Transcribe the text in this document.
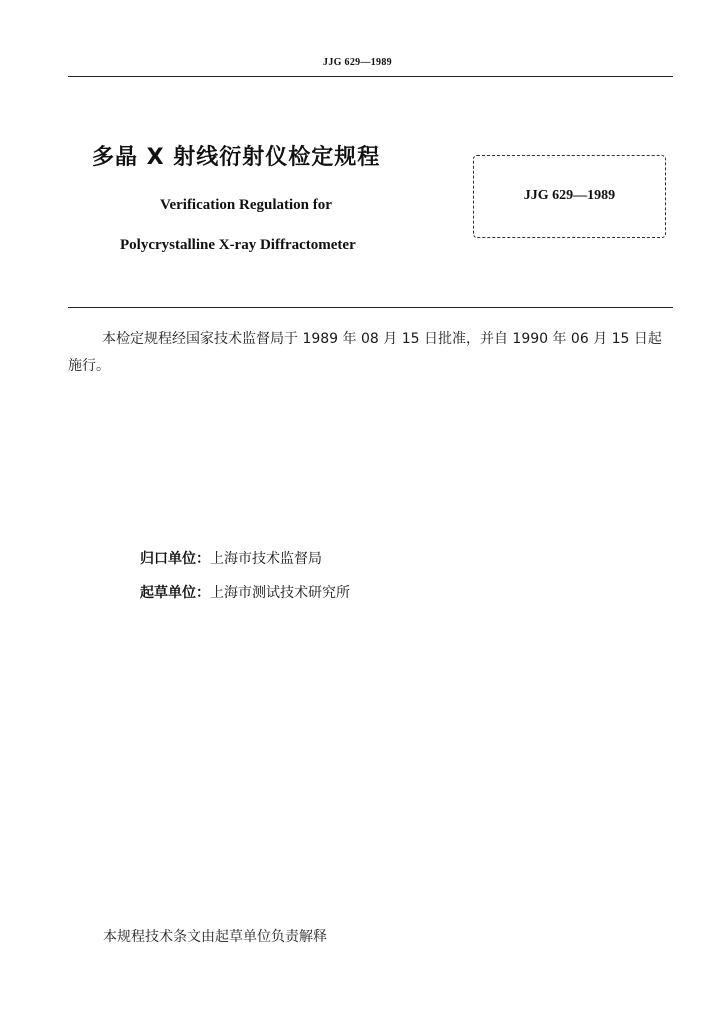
JJG 629—1989
多晶 X 射线衍射仪检定规程
Verification Regulation for
Polycrystalline X-ray Diffractometer
JJG 629—1989
本检定规程经国家技术监督局于 1989 年 08 月 15 日批准，并自 1990 年 06 月 15 日起施行。
归口单位：上海市技术监督局
起草单位：上海市测试技术研究所
本规程技术条文由起草单位负责解释
